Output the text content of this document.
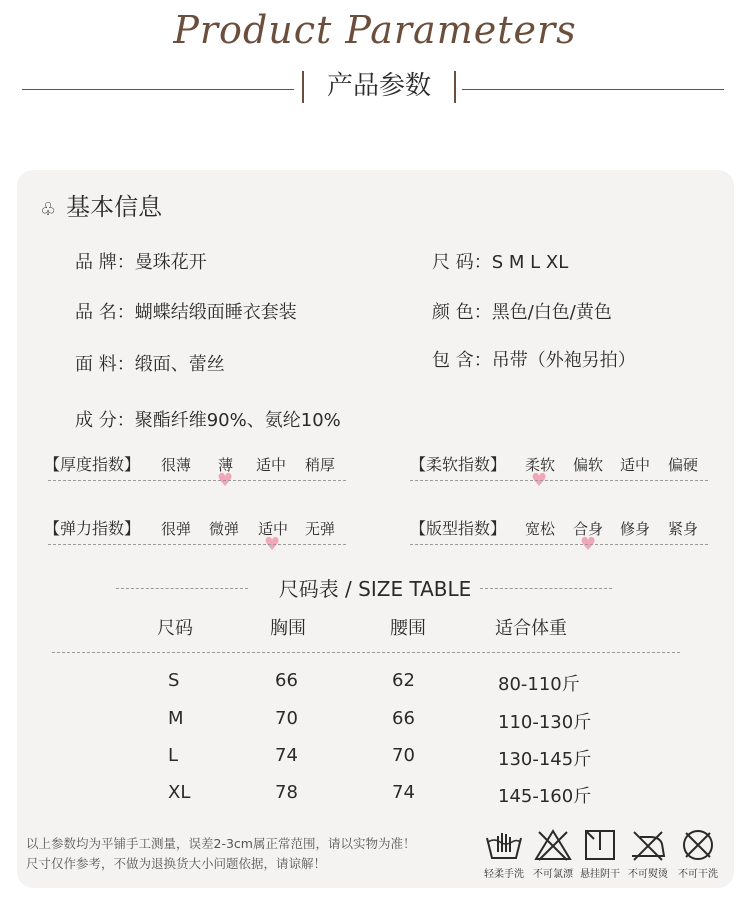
Product Parameters
产品参数
♧ 基本信息
品 牌：曼珠花开	尺 码：S M L XL
品 名：蝴蝶结缎面睡衣套装	颜 色：黑色/白色/黄色
面 料：缎面、蕾丝	包 含：吊带（外袍另拍）
成 分：聚酯纤维90%、氨纶10%
【厚度指数】 很薄 薄 适中 稍厚
♥
【柔软指数】 柔软 偏软 适中 偏硬
♥
【弹力指数】 很弹 微弹 适中 无弹
♥
【版型指数】 宽松 合身 修身 紧身
♥
尺码表 / SIZE TABLE
尺码	胸围	腰围	适合体重
S	66	62	80-110斤
M	70	66	110-130斤
L	74	70	130-145斤
XL	78	74	145-160斤
以上参数均为平铺手工测量，误差2-3cm属正常范围，请以实物为准！
尺寸仅作参考，不做为退换货大小问题依据，请谅解！
轻柔手洗 不可氯漂 悬挂阴干 不可熨烫	不可干洗
